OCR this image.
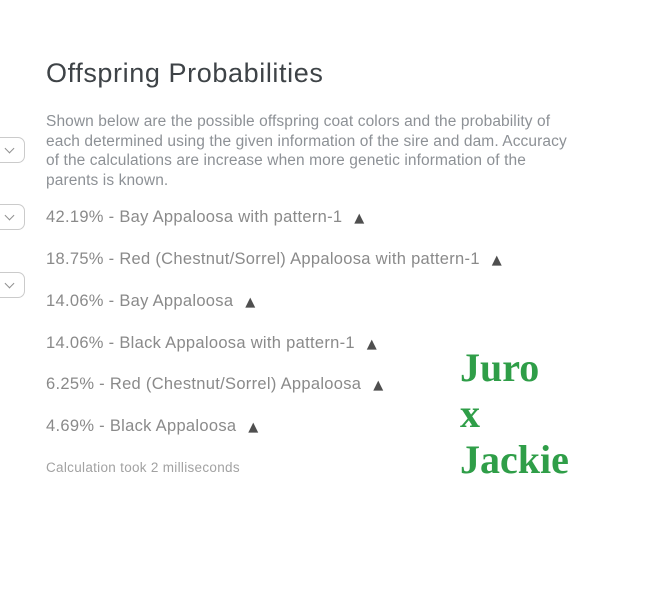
Offspring Probabilities

Shown below are the possible offspring coat colors and the probability of each determined using the given information of the sire and dam. Accuracy of the calculations are increase when more genetic information of the parents is known.

42.19% - Bay Appaloosa with pattern-1 ▲
18.75% - Red (Chestnut/Sorrel) Appaloosa with pattern-1 ▲
14.06% - Bay Appaloosa ▲
14.06% - Black Appaloosa with pattern-1 ▲
6.25% - Red (Chestnut/Sorrel) Appaloosa ▲
4.69% - Black Appaloosa ▲
Calculation took 2 milliseconds
Juro
x
Jackie
